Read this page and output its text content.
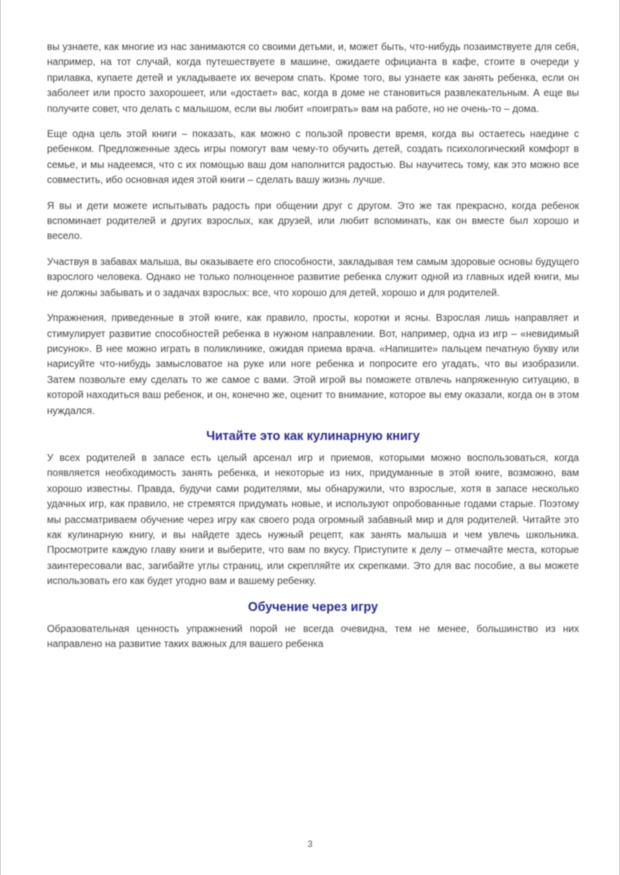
вы узнаете, как многие из нас занимаются со своими детьми, и, может быть, что-нибудь позаимствуете для себя, например, на тот случай, когда путешествуете в машине, ожидаете официанта в кафе, стоите в очереди у прилавка, купаете детей и укладываете их вечером спать. Кроме того, вы узнаете как занять ребенка, если он заболеет или просто захорошеет, или «достает» вас, когда в доме не становиться развлекательным. А еще вы получите совет, что делать с малышом, если вы любит «поиграть» вам на работе, но не очень-то – дома.

Еще одна цель этой книги – показать, как можно с пользой провести время, когда вы остаетесь наедине с ребенком. Предложенные здесь игры помогут вам чему-то обучить детей, создать психологический комфорт в семье, и мы надеемся, что с их помощью ваш дом наполнится радостью. Вы научитесь тому, как это можно все совместить, ибо основная идея этой книги – сделать вашу жизнь лучше.

Я вы и дети можете испытывать радость при общении друг с другом. Это же так прекрасно, когда ребенок вспоминает родителей и других взрослых, как друзей, или любит вспоминать, как он вместе был хорошо и весело.

Участвуя в забавах малыша, вы оказываете его способности, закладывая тем самым здоровые основы будущего взрослого человека. Однако не только полноценное развитие ребенка служит одной из главных идей книги, мы не должны забывать и о задачах взрослых: все, что хорошо для детей, хорошо и для родителей.

Упражнения, приведенные в этой книге, как правило, просты, коротки и ясны. Взрослая лишь направляет и стимулирует развитие способностей ребенка в нужном направлении. Вот, например, одна из игр – «невидимый рисунок». В нее можно играть в поликлинике, ожидая приема врача. «Напишите» пальцем печатную букву или нарисуйте что-нибудь замысловатое на руке или ноге ребенка и попросите его угадать, что вы изобразили. Затем позвольте ему сделать то же самое с вами. Этой игрой вы поможете отвлечь напряженную ситуацию, в которой находиться ваш ребенок, и он, конечно же, оценит то внимание, которое вы ему оказали, когда он в этом нуждался.

Читайте это как кулинарную книгу

У всех родителей в запасе есть целый арсенал игр и приемов, которыми можно воспользоваться, когда появляется необходимость занять ребенка, и некоторые из них, придуманные в этой книге, возможно, вам хорошо известны. Правда, будучи сами родителями, мы обнаружили, что взрослые, хотя в запасе несколько удачных игр, как правило, не стремятся придумать новые, и используют опробованные годами старые. Поэтому мы рассматриваем обучение через игру как своего рода огромный забавный мир и для родителей. Читайте это как кулинарную книгу, и вы найдете здесь нужный рецепт, как занять малыша и чем увлечь школьника. Просмотрите каждую главу книги и выберите, что вам по вкусу. Приступите к делу – отмечайте места, которые заинтересовали вас, загибайте углы страниц, или скрепляйте их скрепками. Это для вас пособие, а вы можете использовать его как будет угодно вам и вашему ребенку.

Обучение через игру

Образовательная ценность упражнений порой не всегда очевидна, тем не менее, большинство из них направлено на развитие таких важных для вашего ребенка

3
